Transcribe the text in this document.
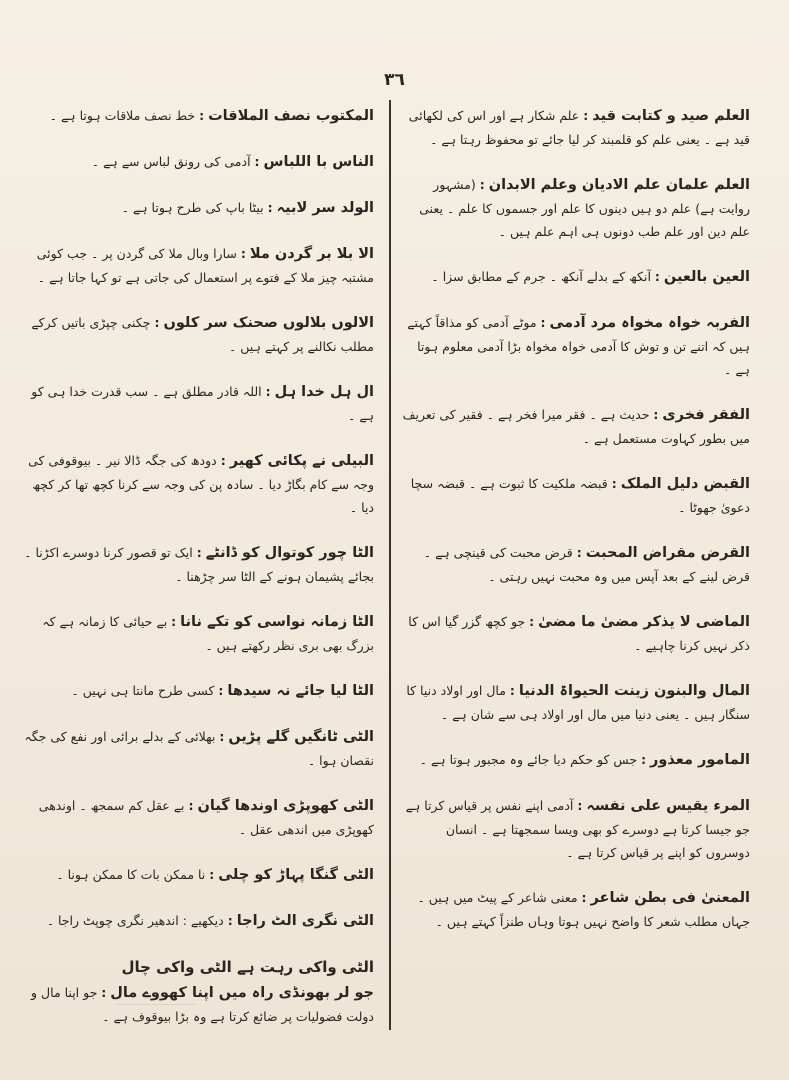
۳٦
العلم صید و کتابت قید : علم شکار ہے اور اس کی لکھائی قید ہے ۔ یعنی علم کو قلمبند کر لیا جائے تو محفوظ رہتا ہے ۔
العلم علمان علم الادیان وعلم الابدان : (مشہور روایت ہے) علم دو ہیں دینوں کا علم اور جسموں کا علم ۔ یعنی علم دین اور علم طب دونوں ہی اہم علم ہیں ۔
العین بالعین : آنکھ کے بدلے آنکھ ۔ جرم کے مطابق سزا ۔
الفربہ خواہ مخواہ مرد آدمی : موٹے آدمی کو مذاقاً کہتے ہیں کہ اتنے تن و توش کا آدمی خواہ مخواہ بڑا آدمی معلوم ہوتا ہے ۔
الفقر فخری : حدیث ہے ۔ فقر میرا فخر ہے ۔ فقیر کی تعریف میں بطور کہاوت مستعمل ہے ۔
القبض دلیل الملک : قبضہ ملکیت کا ثبوت ہے ۔ قبضہ سچا دعویٰ جھوٹا ۔
القرض مقراض المحبت : قرض محبت کی قینچی ہے ۔ قرض لینے کے بعد آپس میں وہ محبت نہیں رہتی ۔
الماضی لا یذکر مضیٰ ما مضیٰ : جو کچھ گزر گیا اس کا ذکر نہیں کرنا چاہیے ۔
المال والبنون زینت الحیواۃ الدنیا : مال اور اولاد دنیا کا سنگار ہیں ۔ یعنی دنیا میں مال اور اولاد ہی سے شان ہے ۔
المامور معذور : جس کو حکم دیا جائے وہ مجبور ہوتا ہے ۔
المرء یقیس علی نفسہ : آدمی اپنے نفس پر قیاس کرتا ہے جو جیسا کرتا ہے دوسرے کو بھی ویسا سمجھتا ہے ۔ انسان دوسروں کو اپنے پر قیاس کرتا ہے ۔
المعنیٰ فی بطن شاعر : معنی شاعر کے پیٹ میں ہیں ۔ جہاں مطلب شعر کا واضح نہیں ہوتا وہاں طنزاً کہتے ہیں ۔
المکتوب نصف الملاقات : خط نصف ملاقات ہوتا ہے ۔
الناس با اللباس : آدمی کی رونق لباس سے ہے ۔
الولد سر لابیہ : بیٹا باپ کی طرح ہوتا ہے ۔
الا بلا بر گردن ملا : سارا وبال ملا کی گردن پر ۔ جب کوئی مشتبہ چیز ملا کے فتوے پر استعمال کی جاتی ہے تو کہا جاتا ہے ۔
الالوں بلالوں صحنک سر کلوں : چکنی چپڑی باتیں کرکے مطلب نکالنے پر کہتے ہیں ۔
ال ہل خدا ہل : اللہ قادر مطلق ہے ۔ سب قدرت خدا ہی کو ہے ۔
البیلی نے پکائی کھیر : دودھ کی جگہ ڈالا نیر ۔ بیوقوفی کی وجہ سے کام بگاڑ دیا ۔ سادہ پن کی وجہ سے کرنا کچھ تھا کر کچھ دیا ۔
الٹا چور کوتوال کو ڈانٹے : ایک تو قصور کرنا دوسرے اکڑنا ۔ بجائے پشیمان ہونے کے الٹا سر چڑھنا ۔
الٹا زمانہ نواسی کو تکے نانا : بے حیائی کا زمانہ ہے کہ بزرگ بھی بری نظر رکھتے ہیں ۔
الٹا لیا جائے نہ سیدھا : کسی طرح مانتا ہی نہیں ۔
الٹی ٹانگیں گلے پڑیں : بھلائی کے بدلے برائی اور نفع کی جگہ نقصان ہوا ۔
الٹی کھوپڑی اوندھا گیان : بے عقل کم سمجھ ۔ اوندھی کھوپڑی میں اندھی عقل ۔
الٹی گنگا پہاڑ کو چلی : نا ممکن بات کا ممکن ہونا ۔
الٹی نگری الٹ راجا : دیکھیے : اندھیر نگری چوپٹ راجا ۔
الٹی واکی رہت ہے الٹی واکی چال
جو لر بھونڈی راہ میں اپنا کھووے مال : جو اپنا مال و دولت فضولیات پر ضائع کرتا ہے وہ بڑا بیوقوف ہے ۔
